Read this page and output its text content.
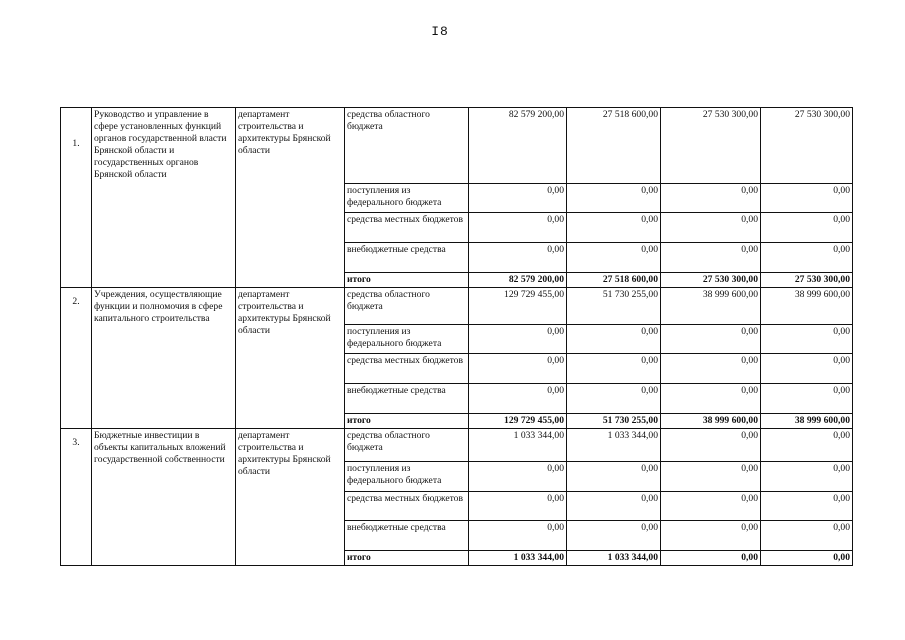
I8
1.	Руководство и управление в сфере установленных функций органов государственной власти Брянской области и государственных органов Брянской области	департамент строительства и архитектуры Брянской области	средства областного бюджета	82 579 200,00	27 518 600,00	27 530 300,00	27 530 300,00
			поступления из федерального бюджета	0,00	0,00	0,00	0,00
			средства местных бюджетов	0,00	0,00	0,00	0,00
			внебюджетные средства	0,00	0,00	0,00	0,00
			итого	82 579 200,00	27 518 600,00	27 530 300,00	27 530 300,00
2.	Учреждения, осуществляющие функции и полномочия в сфере капитального строительства	департамент строительства и архитектуры Брянской области	средства областного бюджета	129 729 455,00	51 730 255,00	38 999 600,00	38 999 600,00
			поступления из федерального бюджета	0,00	0,00	0,00	0,00
			средства местных бюджетов	0,00	0,00	0,00	0,00
			внебюджетные средства	0,00	0,00	0,00	0,00
			итого	129 729 455,00	51 730 255,00	38 999 600,00	38 999 600,00
3.	Бюджетные инвестиции в объекты капитальных вложений государственной собственности	департамент строительства и архитектуры Брянской области	средства областного бюджета	1 033 344,00	1 033 344,00	0,00	0,00
			поступления из федерального бюджета	0,00	0,00	0,00	0,00
			средства местных бюджетов	0,00	0,00	0,00	0,00
			внебюджетные средства	0,00	0,00	0,00	0,00
			итого	1 033 344,00	1 033 344,00	0,00	0,00
